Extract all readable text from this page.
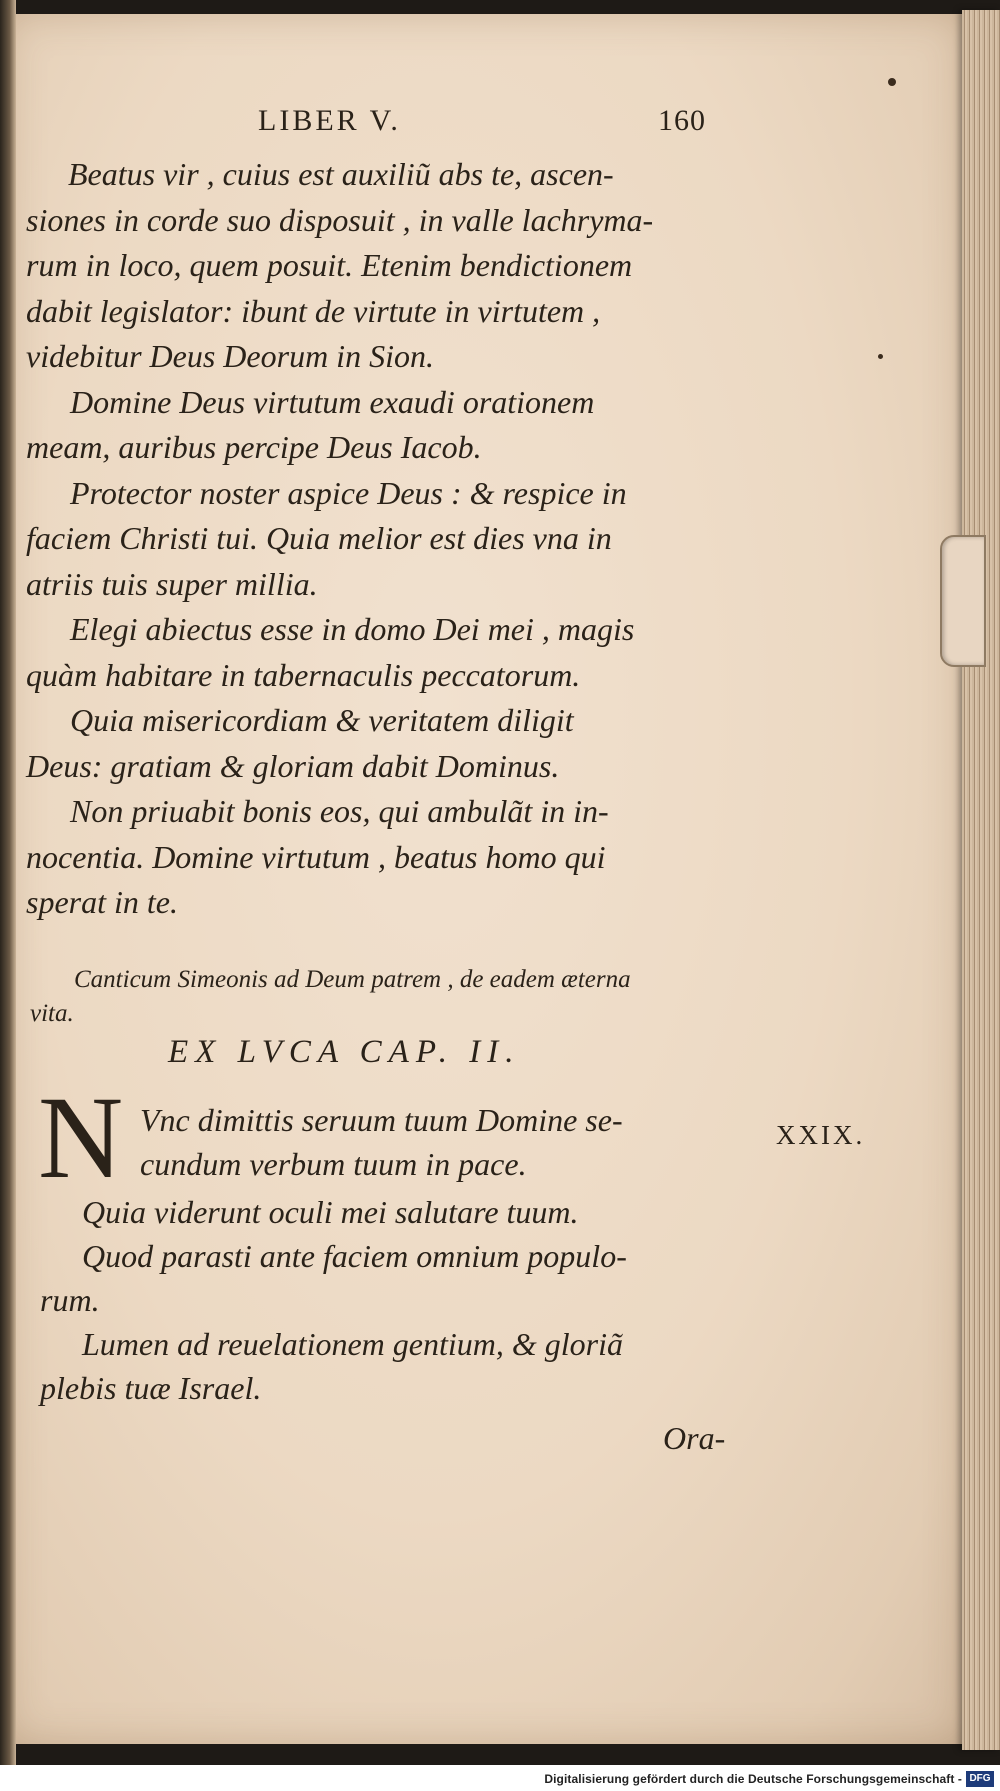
LIBER V.	160
Beatus vir , cuius est auxiliũ abs te, ascen-
siones in corde suo disposuit , in valle lachryma-
rum in loco, quem posuit. Etenim bendictionem
dabit legislator: ibunt de virtute in virtutem ,
videbitur Deus Deorum in Sion.
Domine Deus virtutum exaudi orationem
meam, auribus percipe Deus Iacob.
Protector noster aspice Deus : & respice in
faciem Christi tui. Quia melior est dies vna in
atriis tuis super millia.
Elegi abiectus esse in domo Dei mei , magis
quàm habitare in tabernaculis peccatorum.
Quia misericordiam & veritatem diligit
Deus: gratiam & gloriam dabit Dominus.
Non priuabit bonis eos, qui ambulãt in in-
nocentia. Domine virtutum , beatus homo qui
sperat in te.
Canticum Simeonis ad Deum patrem , de eadem æterna
vita.
EX LVCA CAP. II.
XXIX.
N Vnc dimittis seruum tuum Domine se-
cundum verbum tuum in pace.
Quia viderunt oculi mei salutare tuum.
Quod parasti ante faciem omnium populo-
rum.
Lumen ad reuelationem gentium, & gloriã
plebis tuæ Israel.
Ora-
Digitalisierung gefördert durch die Deutsche Forschungsgemeinschaft - DFG
